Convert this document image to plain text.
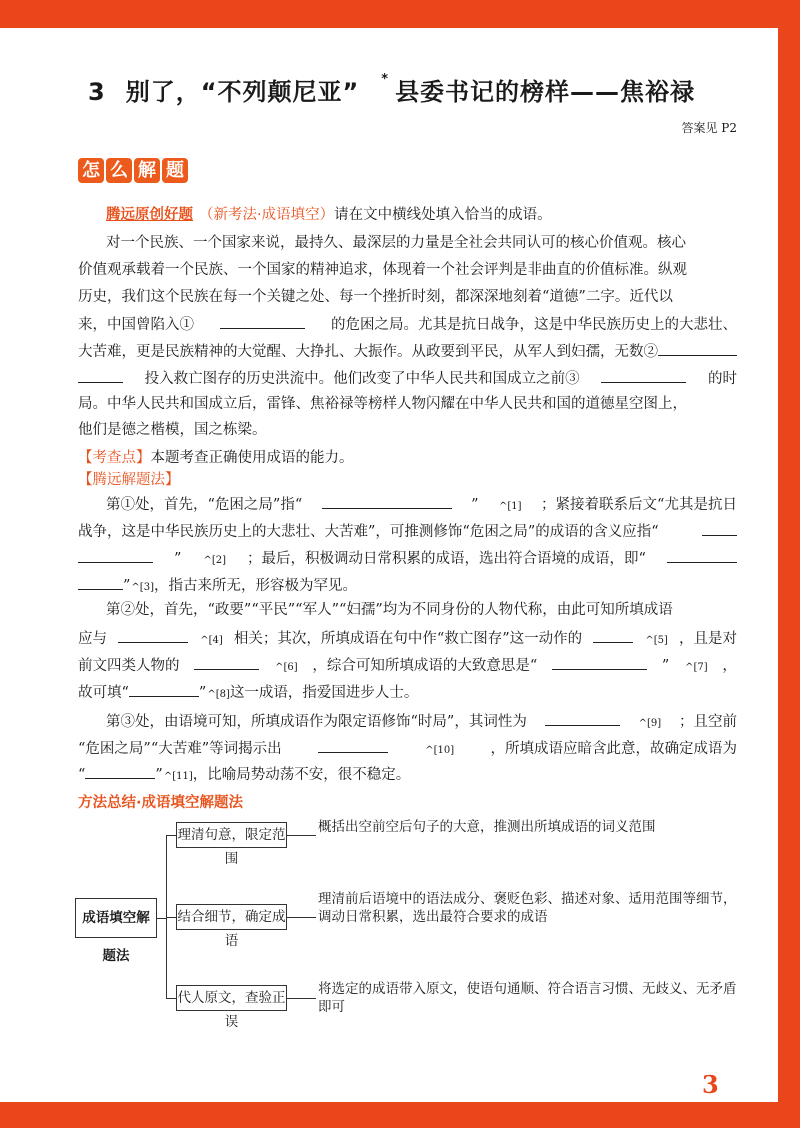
3 别了，“不列颠尼亚” * 县委书记的榜样——焦裕禄
答案见 P2
怎 么 解 题
腾远原创好题 （新考法·成语填空）请在文中横线处填入恰当的成语。
对一个民族、一个国家来说，最持久、最深层的力量是全社会共同认可的核心价值观。核心
价值观承载着一个民族、一个国家的精神追求，体现着一个社会评判是非曲直的价值标准。纵观
历史，我们这个民族在每一个关键之处、每一个挫折时刻，都深深地刻着“道德”二字。近代以
来，中国曾陷入①	的危困之局。尤其是抗日战争，这是中华民族历史上的大悲壮、
大苦难，更是民族精神的大觉醒、大挣扎、大振作。从政要到平民，从军人到妇孺，无数②
投入救亡图存的历史洪流中。他们改变了中华人民共和国成立之前③	的时
局。中华人民共和国成立后，雷锋、焦裕禄等榜样人物闪耀在中华人民共和国的道德星空图上，
他们是德之楷模，国之栋梁。
【考查点】本题考查正确使用成语的能力。
【腾远解题法】
第①处，首先，“危困之局”指“	” ^[1] ；紧接着联系后文“尤其是抗日
战争，这是中华民族历史上的大悲壮、大苦难”，可推测修饰“危困之局”的成语的含义应指“
” ^[2] ；最后，积极调动日常积累的成语，选出符合语境的成语，即“
” ^[3] ，指古来所无，形容极为罕见。
第②处，首先，“政要”“平民”“军人”“妇孺”均为不同身份的人物代称，由此可知所填成语
应与	$_{\^{}[4]}$ 相关；其次，所填成语在句中作“救亡图存”这一动作的	$_{\^{}[5]}$ ，且是对
前文四类人物的	$_{\^{}[6]}$ ，综合可知所填成语的大致意思是“	” ^[7] ，
故可填“	” ^[8] 这一成语，指爱国进步人士。
第③处，由语境可知，所填成语作为限定语修饰“时局”，其词性为	$_{\^{}[9]}$ ；且空前
“危困之局”“大苦难”等词揭示出	$_{\^{}[10]}$	，所填成语应暗含此意，故确定成语为
“	” ^[11] ，比喻局势动荡不安，很不稳定。
方法总结·成语填空解题法
成语填空解题法
理清句意，限定范围
结合细节，确定成语
代人原文，查验正误
概括出空前空后句子的大意，推测出所填成语的词义范围
理清前后语境中的语法成分、褒贬色彩、描述对象、适用范围等细节，调动日常积累，选出最符合要求的成语
将选定的成语带入原文，使语句通顺、符合语言习惯、无歧义、无矛盾即可
3
